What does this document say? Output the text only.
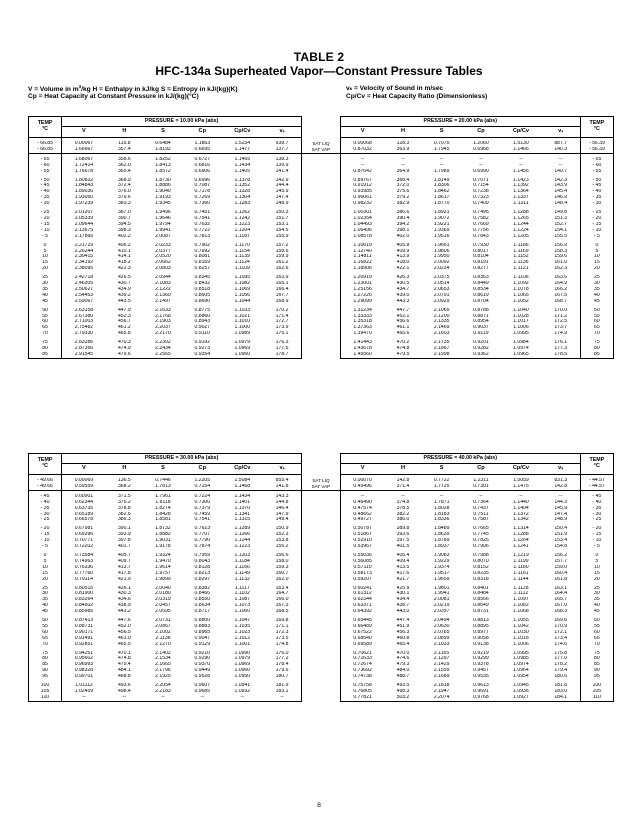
TABLE 2
HFC-134a Superheated Vapor—Constant Pressure Tables
V = Volume in $m^3/kg$ H = Enthalpy in kJ/kg S = Entropy in kJ/(kg)(K)	vₛ = Velocity of Sound in m/sec
Cp = Heat Capacity at Constant Pressure in kJ/(kg)(°C)	Cp/Cv = Heat Capacity Ratio (Dimensionless)
TEMP
°C	PRESSURE = 10.00 kPa (abs)							PRESSURE = 20.00 kPa (abs)						TEMP
°C
	V	H	S	Cp	Cp/Cv	vₛ		V	H	S	Cp	Cp/Cv	vₛ	

- 66.85	0.00067	115.8	0.6484	1.1863	1.5234	938.7	SAT LIQ	0.00068	128.3	0.7075	1.2060	1.5130	887.7	- 56.39
- 66.85	1.66667	357.4	1.8192	0.6695	1.1477	137.7	SAT VAP	0.87032	363.9	1.7945	0.6968	1.1466	140.3	- 56.39

- 65	1.68067	358.6	1.8252	0.6727	1.1465	138.3		--	--	--	--	--	--	- 65
- 60	1.72414	362.0	1.8413	0.6816	1.1434	139.9		--	--	--	--	--	--	- 60
- 55	1.76678	365.4	1.8572	0.6906	1.1405	141.4		0.87642	364.9	1.7989	0.6990	1.1456	140.7	- 55

- 50	1.80832	368.9	1.8730	0.6996	1.1378	142.9		0.89767	368.4	1.8149	0.7071	1.1423	142.3	- 50
- 45	1.84843	372.4	1.8886	0.7087	1.1352	144.4		0.91912	372.0	1.8306	0.7154	1.1392	143.9	- 45
- 40	1.89036	376.0	1.9040	0.7178	1.1328	145.9		0.93985	375.6	1.8462	0.7238	1.1364	145.4	- 40
- 35	1.93050	379.6	1.9193	0.7269	1.1304	147.4		0.96061	379.2	1.8617	0.7323	1.1337	146.9	- 35
- 30	1.97239	383.3	1.9345	0.7360	1.1283	148.9		0.98232	382.9	1.8770	0.7409	1.1311	148.4	- 30

- 25	2.01207	387.0	1.9496	0.7451	1.1262	150.3		1.00301	386.6	1.8921	0.7495	1.1288	149.8	- 25
- 20	2.05339	390.7	1.9646	0.7541	1.1242	151.7		1.02354	390.4	1.9072	0.7582	1.1265	151.3	- 20
- 15	2.09644	394.5	1.9794	0.7632	1.1223	153.1		1.04493	394.2	1.9221	0.7669	1.1244	152.7	- 15
- 10	2.13675	398.3	1.9941	0.7722	1.1204	154.5		1.06496	398.1	1.9369	0.7756	1.1224	154.1	- 10
- 5	2.17865	402.2	2.0087	0.7813	1.1187	155.9		1.08578	402.0	1.9516	0.7843	1.1205	155.5	- 5

0	2.21729	406.2	2.0233	0.7902	1.1170	157.2		1.10619	405.9	1.9661	0.7930	1.1186	156.9	0
5	2.26244	410.1	2.0377	0.7992	1.1154	158.6		1.12740	409.9	1.9806	0.8017	1.1169	158.3	5
10	2.30415	414.1	2.0520	0.8081	1.1139	159.9		1.14811	413.9	1.9950	0.8104	1.1152	159.6	10
15	2.34192	418.2	2.0662	0.8169	1.1124	161.2		1.16822	418.0	2.0092	0.8191	1.1136	161.0	15
20	2.38095	422.3	2.0803	0.8257	1.1109	162.6		1.18906	422.1	2.0234	0.8277	1.1121	162.3	20

25	2.42718	426.5	2.0944	0.8345	1.1095	163.9		1.20919	426.3	2.0375	0.8363	1.1106	163.6	25
30	2.46305	430.7	2.1083	0.8432	1.1082	165.1		1.23001	430.5	2.0514	0.8449	1.1092	164.9	30
35	2.50627	434.9	2.1222	0.8518	1.1069	166.4		1.25156	434.7	2.0653	0.8534	1.1078	166.2	35
40	2.54453	439.2	2.1360	0.8605	1.1056	167.7		1.27226	439.0	2.0791	0.8619	1.1065	167.5	40
45	2.59067	443.5	2.1497	0.8690	1.1044	168.9		1.29099	443.3	2.0929	0.8704	1.1052	168.7	45

50	2.63158	447.9	2.1633	0.8775	1.1033	170.2		1.31234	447.7	2.1065	0.8788	1.1040	170.0	50
55	2.67380	452.3	2.1768	0.8860	1.1021	171.4		1.33333	452.1	2.1200	0.8871	1.1028	171.2	55
60	2.71003	456.7	2.1903	0.8943	1.1010	172.7		1.35318	456.6	2.1335	0.8954	1.1017	172.5	60
65	2.75482	461.2	2.2037	0.9027	1.1000	173.9		1.37363	461.1	2.1469	0.9037	1.1006	173.7	65
70	2.79330	465.8	2.2170	0.9110	1.0989	175.1		1.39470	465.6	2.1603	0.9119	1.0995	174.9	70

75	2.83286	470.3	2.2302	0.9192	1.0979	176.3		1.41443	470.2	2.1735	0.9201	1.0984	176.1	75
80	2.87356	474.9	2.2434	0.9273	1.0969	177.5		1.43678	474.8	2.1867	0.9282	1.0974	177.3	80
85	2.91545	479.6	2.2565	0.9354	1.0960	178.7		1.45560	479.5	2.1998	0.9362	1.0965	178.5	85
TEMP
°C	PRESSURE = 30.00 kPa (abs)							PRESSURE = 40.00 kPa (abs)						TEMP
°C
	V	H	S	Cp	Cp/Cv	vₛ		V	H	S	Cp	Cp/Cv	vₛ	

- 49.66	0.00069	136.5	0.7446	1.2205	1.5084	855.4	SAT LIQ	0.00070	142.8	0.7722	1.2311	1.5059	831.3	- 44.57
- 49.66	0.59559	368.2	1.7813	0.7154	1.1468	141.8	SAT VAP	0.45496	371.4	1.7725	0.7301	1.1475	142.8	- 44.57

- 45	0.60901	371.5	1.7961	0.7224	1.1434	143.3		--	--	--	--	--	--	- 45
- 40	0.62344	375.2	1.8118	0.7300	1.1401	144.8		0.46490	374.8	1.7871	0.7364	1.1440	144.3	- 40
- 35	0.63735	378.8	1.8274	0.7379	1.1370	146.4		0.47574	378.5	1.8028	0.7437	1.1404	145.9	- 35
- 30	0.65189	382.6	1.8428	0.7459	1.1341	147.9		0.48662	382.2	1.8183	0.7511	1.1372	147.4	- 30
- 25	0.66578	386.3	1.8581	0.7541	1.1315	149.4		0.49727	386.0	1.8336	0.7587	1.1342	148.9	- 25

- 20	0.67981	390.1	1.8732	0.7623	1.1289	150.9		0.50787	389.8	1.8489	0.7665	1.1314	150.4	- 20
- 15	0.69396	393.9	1.8882	0.7707	1.1266	152.3		0.51867	393.6	1.8639	0.7745	1.1288	151.9	- 15
- 10	0.70771	397.8	1.9031	0.7790	1.1244	153.8		0.52910	397.5	1.8789	0.7825	1.1264	153.4	- 10
- 5	0.72202	401.7	1.9178	0.7874	1.1223	155.2		0.53967	401.5	1.8937	0.7906	1.1241	154.8	- 5

0	0.73584	405.7	1.9324	0.7959	1.1203	156.6		0.55036	405.4	1.9083	0.7988	1.1219	156.2	0
5	0.74963	409.7	1.9470	0.8043	1.1184	158.0		0.56085	409.4	1.9229	0.8070	1.1199	157.7	5
10	0.76336	413.7	1.9614	0.8128	1.1166	159.3		0.57110	413.5	1.9374	0.8152	1.1180	159.0	10
15	0.77760	417.8	1.9757	0.8213	1.1149	160.7		0.58173	417.6	1.9517	0.8235	1.1161	160.4	15
20	0.79114	421.9	1.9899	0.8297	1.1132	162.0		0.59207	421.7	1.9659	0.8318	1.1144	161.8	20

25	0.80515	426.1	2.0040	0.8382	1.1117	163.4		0.60241	425.9	1.9801	0.8401	1.1128	163.1	25
30	0.81900	430.3	2.0180	0.8466	1.1102	164.7		0.61312	430.1	1.9941	0.8484	1.1112	164.4	30
35	0.83264	434.6	2.0319	0.8550	1.1087	166.0		0.62344	434.4	2.0081	0.8566	1.1097	165.7	35
40	0.84602	438.9	2.0457	0.8634	1.1073	167.3		0.63371	438.7	2.0219	0.8649	1.1082	167.0	40
45	0.85985	443.2	2.0595	0.8717	1.1060	168.5		0.64392	443.0	2.0357	0.8731	1.1068	168.3	45

50	0.87413	447.6	2.0731	0.8800	1.1047	169.8		0.65445	447.4	2.0494	0.8813	1.1055	169.6	50
55	0.88731	452.0	2.0867	0.8883	1.1035	171.1		0.66489	451.9	2.0630	0.8895	1.1042	170.9	55
60	0.90171	456.5	2.1002	0.8965	1.1023	172.3		0.67522	456.3	2.0765	0.8977	1.1030	172.1	60
65	0.91491	461.0	2.1136	0.9047	1.1012	173.5		0.68540	460.8	2.0899	0.9058	1.1018	173.4	65
70	0.92851	465.5	2.1270	0.9129	1.1001	174.8		0.69589	465.4	2.1033	0.9138	1.1006	174.6	70

75	0.94251	470.1	2.1402	0.9210	1.0990	176.0		0.70621	470.0	2.1165	0.9219	1.0995	175.8	75
80	0.95602	474.8	2.1534	0.9290	1.0979	177.2		0.71633	474.6	2.1297	0.9299	1.0985	177.0	80
85	0.96993	479.4	2.1665	0.9370	1.0969	178.4		0.72674	479.3	2.1429	0.9378	1.0974	178.2	85
90	0.98328	484.1	2.1796	0.9449	1.0960	179.6		0.73692	484.0	2.1559	0.9457	1.0964	179.4	90
95	0.99701	488.8	2.1925	0.9528	1.0950	180.7		0.74738	488.7	2.1689	0.9535	1.0954	180.6	95

100	1.01112	493.6	2.2054	0.9607	1.0941	181.9		0.75758	493.5	2.1818	0.9613	1.0945	181.8	100
105	1.02459	498.4	2.2183	0.9685	1.0932	183.1		0.76805	498.3	2.1947	0.9691	1.0936	183.0	105
110	--	--	--	--	--	--		0.77821	503.2	2.2074	0.9768	1.0927	184.1	110
8
